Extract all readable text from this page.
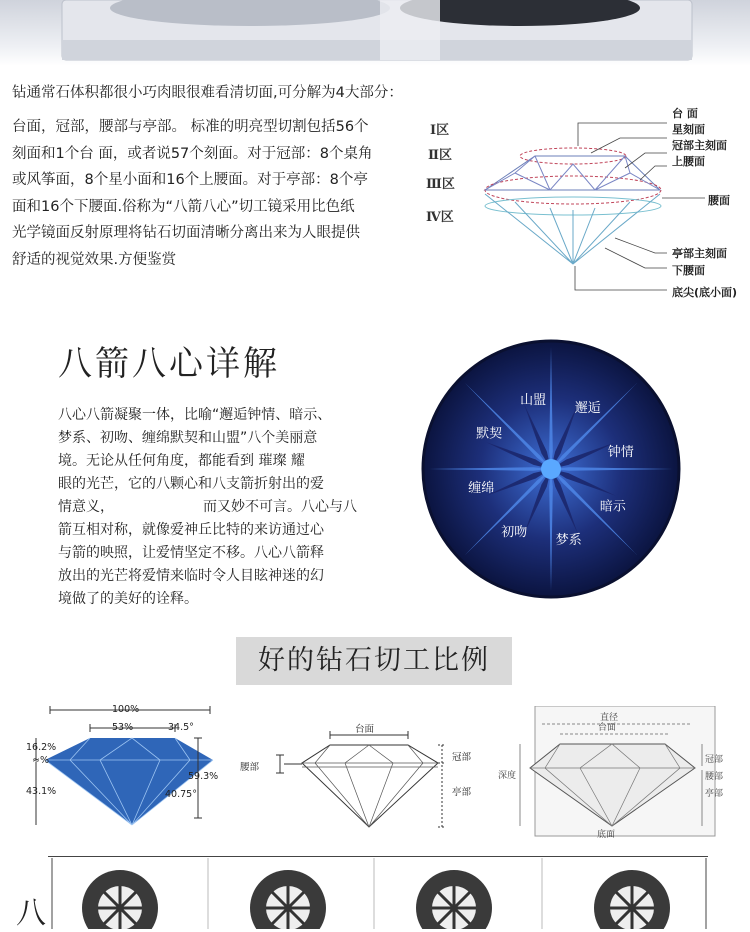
钻通常石体积都很小巧肉眼很难看清切面,可分解为4大部分：
台面，冠部，腰部与亭部。 标准的明亮型切割包括56个
刻面和1个台 面，或者说57个刻面。对于冠部：8个桌角
或风筝面，8个星小面和16个上腰面。对于亭部：8个亭
面和16个下腰面.俗称为“八箭八心”切工镜采用比色纸
光学镜面反射原理将钻石切面清晰分离出来为人眼提供
舒适的视觉效果.方便鉴赏
Ⅰ区
Ⅱ区
Ⅲ区
Ⅳ区
台 面
星刻面
冠部主刻面
上腰面
腰面
亭部主刻面
下腰面
底尖(底小面)
八箭八心详解
八心八箭凝聚一体，比喻“邂逅钟情、暗示、
梦系、初吻、缠绵默契和山盟”八个美丽意
境。无论从任何角度，都能看到 璀璨 耀
眼的光芒，它的八颗心和八支箭折射出的爱
情意义，                    而又妙不可言。八心与八
箭互相对称，就像爱神丘比特的来访通过心
与箭的映照，让爱情坚定不移。八心八箭释
放出的光芒将爱情来临时令人目眩神迷的幻
境做了的美好的诠释。
山盟
邂逅
钟情
暗示
梦系
初吻
缠绵
默契
好的钻石切工比例
100%
53%	34.5°
16.2%
≈%
43.1%
59.3%
40.75°
台面
腰部
冠部
亭部
直径
台面
深度
冠部
腰部
亭部
底面
八
